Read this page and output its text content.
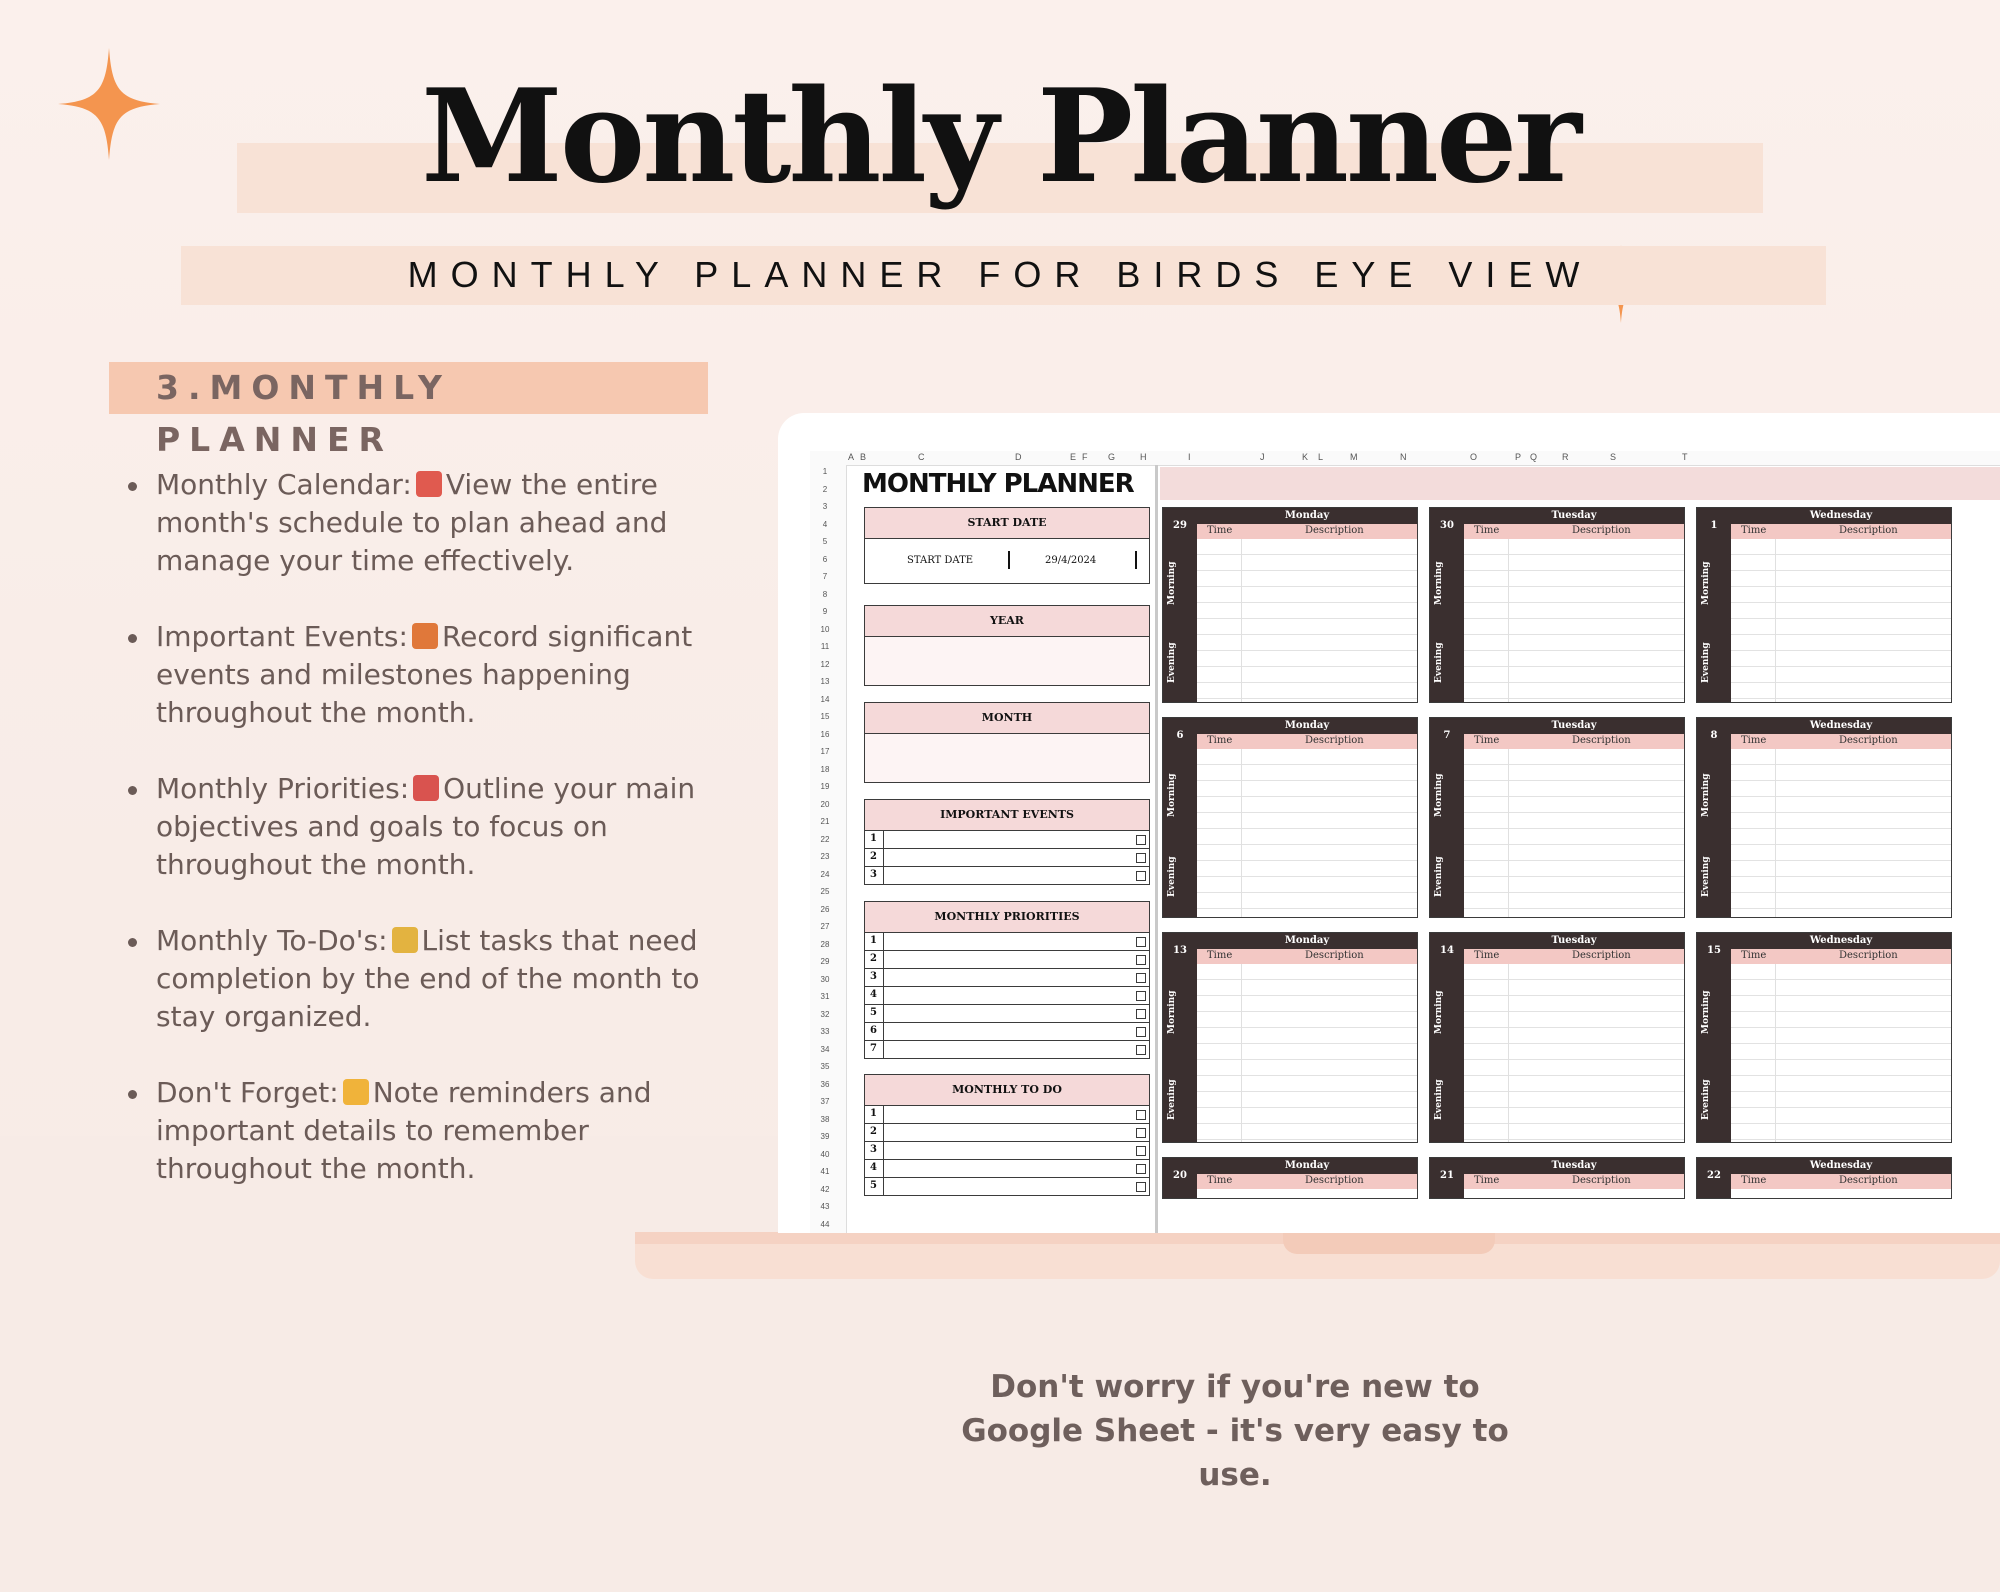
Monthly Planner
MONTHLY PLANNER FOR BIRDS EYE VIEW
3.MONTHLY PLANNER
Monthly Calendar: View the entire month's schedule to plan ahead and manage your time effectively.
Important Events: Record significant events and milestones happening throughout the month.
Monthly Priorities: Outline your main objectives and goals to focus on throughout the month.
Monthly To-Do's: List tasks that need completion by the end of the month to stay organized.
Don't Forget: Note reminders and important details to remember throughout the month.
A B	C	D	E F G	H	I	J	K L	M	N	O	P Q	R	S	T
1
2
3
4
5
6
7
8
9
10
11
12
13
14
15
16
17
18
19
20
21
22
23
24
25
26
27
28
29
30
31
32
33
34
35
36
37
38
39
40
41
42
43
44
MONTHLY PLANNER
START DATE
START DATE	29/4/2024
YEAR
MONTH
IMPORTANT EVENTS
1
2
3
MONTHLY PRIORITIES
1
2
3
4
5
6
7
MONTHLY TO DO
1
2
3
4
5
29
Monday
Time	Description
Morning
Evening
30
Tuesday
Time	Description
Morning
Evening
1
Wednesday
Time	Description
Morning
Evening
6
Monday
Time	Description
Morning
Evening
7
Tuesday
Time	Description
Morning
Evening
8
Wednesday
Time	Description
Morning
Evening
13
Monday
Time	Description
Morning
Evening
14
Tuesday
Time	Description
Morning
Evening
15
Wednesday
Time	Description
Morning
Evening
20
Monday
Time	Description	21
Tuesday
Time	Description	22
Wednesday
Time	Description
Don't worry if you're new to Google Sheet - it's very easy to use.
